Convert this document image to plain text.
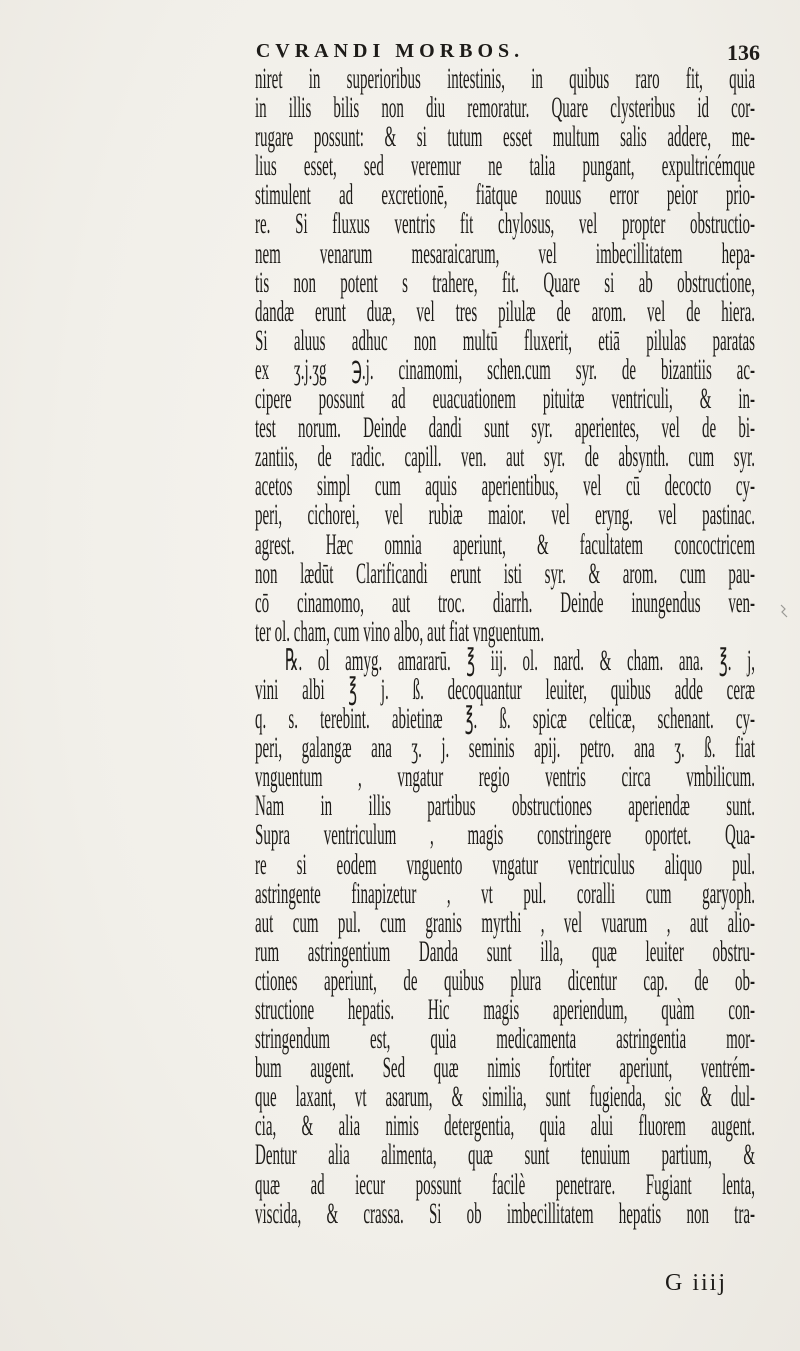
CVRANDI MORBOS.	136
niret in superioribus intestinis, in quibus raro fit, quia
in illis bilis non diu remoratur. Quare clysteribus id cor-
rugare possunt: & si tutum esset multum salis addere, me-
lius esset, sed veremur ne talia pungant, expultricémque
stimulent ad excretionē, fiātque nouus error peior prio-
re. Si fluxus ventris fit chylosus, vel propter obstructio-
nem venarum mesaraicarum, vel imbecillitatem hepa-
tis non potent s trahere, fit. Quare si ab obstructione,
dandæ erunt duæ, vel tres pilulæ de arom. vel de hiera.
Si aluus adhuc non multū fluxerit, etiā pilulas paratas
ex ʒ.j.ʒg ℈.j. cinamomi, schen.cum syr. de bizantiis ac-
cipere possunt ad euacuationem pituitæ ventriculi, & in-
test norum. Deinde dandi sunt syr. aperientes, vel de bi-
zantiis, de radic. capill. ven. aut syr. de absynth. cum syr.
acetos simpl cum aquis aperientibus, vel cū decocto cy-
peri, cichorei, vel rubiæ maior. vel eryng. vel pastinac.
agrest. Hæc omnia aperiunt, & facultatem concoctricem
non lædūt Clarificandi erunt isti syr. & arom. cum pau-
cō cinamomo, aut troc. diarrh. Deinde inungendus ven-
ter ol. cham, cum vino albo, aut fiat vnguentum.
℞. ol amyg. amararū. ℥ iij. ol. nard. & cham. ana. ℥. j,
vini albi ℥ j. ß. decoquantur leuiter, quibus adde ceræ
q. s. terebint. abietinæ ℥. ß. spicæ celticæ, schenant. cy-
peri, galangæ ana ʒ. j. seminis apij. petro. ana ʒ. ß. fiat
vnguentum , vngatur regio ventris circa vmbilicum.
Nam in illis partibus obstructiones aperiendæ sunt.
Supra ventriculum , magis constringere oportet. Qua-
re si eodem vnguento vngatur ventriculus aliquo pul.
astringente finapizetur , vt pul. coralli cum garyoph.
aut cum pul. cum granis myrthi , vel vuarum , aut alio-
rum astringentium Danda sunt illa, quæ leuiter obstru-
ctiones aperiunt, de quibus plura dicentur cap. de ob-
structione hepatis. Hic magis aperiendum, quàm con-
stringendum est, quia medicamenta astringentia mor-
bum augent. Sed quæ nimis fortiter aperiunt, ventrém-
que laxant, vt asarum, & similia, sunt fugienda, sic & dul-
cia, & alia nimis detergentia, quia alui fluorem augent.
Dentur alia alimenta, quæ sunt tenuium partium, &
quæ ad iecur possunt facilè penetrare. Fugiant lenta,
viscida, & crassa. Si ob imbecillitatem hepatis non tra-
G iiij
